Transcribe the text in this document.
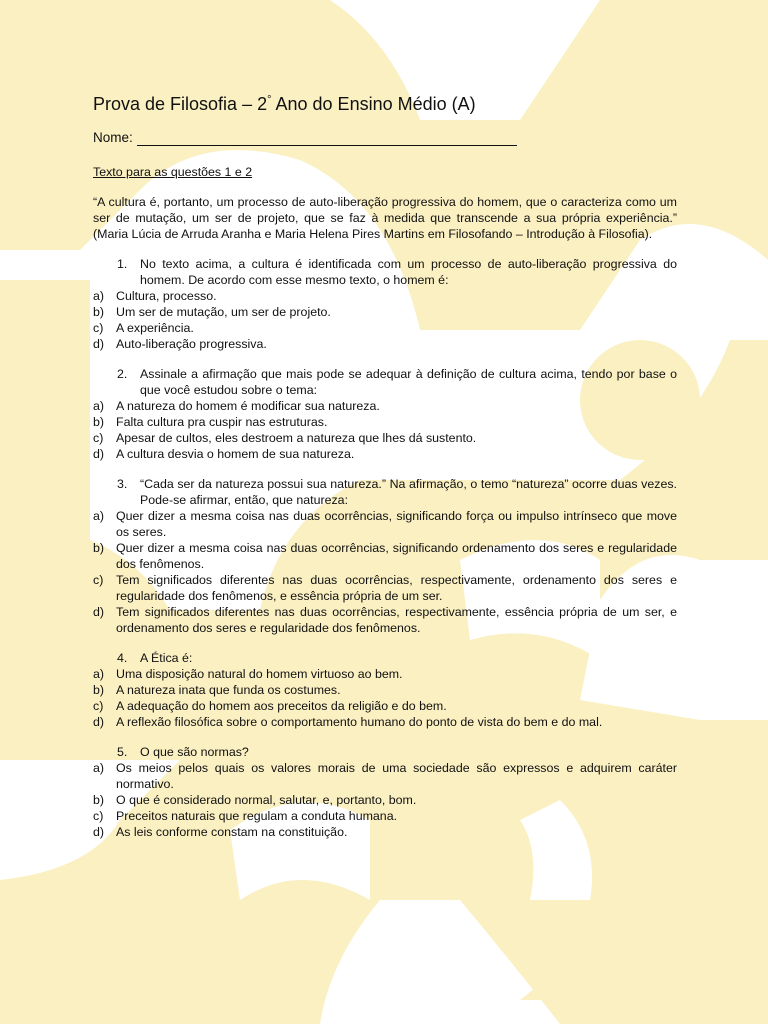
Prova de Filosofia – 2° Ano do Ensino Médio (A)
Nome:
Texto para as questões 1 e 2
“A cultura é, portanto, um processo de auto-liberação progressiva do homem, que o caracteriza como um ser de mutação, um ser de projeto, que se faz à medida que transcende a sua própria experiência.” (Maria Lúcia de Arruda Aranha e Maria Helena Pires Martins em Filosofando – Introdução à Filosofia).
1.	No texto acima, a cultura é identificada com um processo de auto-liberação progressiva do homem. De acordo com esse mesmo texto, o homem é:
a) Cultura, processo.
b) Um ser de mutação, um ser de projeto.
c)	A experiência.
d) Auto-liberação progressiva.
2.	Assinale a afirmação que mais pode se adequar à definição de cultura acima, tendo por base o que você estudou sobre o tema:
a) A natureza do homem é modificar sua natureza.
b) Falta cultura pra cuspir nas estruturas.
c)	Apesar de cultos, eles destroem a natureza que lhes dá sustento.
d) A cultura desvia o homem de sua natureza.
3.	“Cada ser da natureza possui sua natureza.” Na afirmação, o temo “natureza” ocorre duas vezes. Pode-se afirmar, então, que natureza:
a) Quer dizer a mesma coisa nas duas ocorrências, significando força ou impulso intrínseco que move os seres.
b) Quer dizer a mesma coisa nas duas ocorrências, significando ordenamento dos seres e regularidade dos fenômenos.
c)	Tem significados diferentes nas duas ocorrências, respectivamente, ordenamento dos seres e regularidade dos fenômenos, e essência própria de um ser.
d) Tem significados diferentes nas duas ocorrências, respectivamente, essência própria de um ser, e ordenamento dos seres e regularidade dos fenômenos.
4.	A Ética é:
a) Uma disposição natural do homem virtuoso ao bem.
b) A natureza inata que funda os costumes.
c)	A adequação do homem aos preceitos da religião e do bem.
d) A reflexão filosófica sobre o comportamento humano do ponto de vista do bem e do mal.
5.	O que são normas?
a) Os meios pelos quais os valores morais de uma sociedade são expressos e adquirem caráter normativo.
b) O que é considerado normal, salutar, e, portanto, bom.
c)	Preceitos naturais que regulam a conduta humana.
d) As leis conforme constam na constituição.
